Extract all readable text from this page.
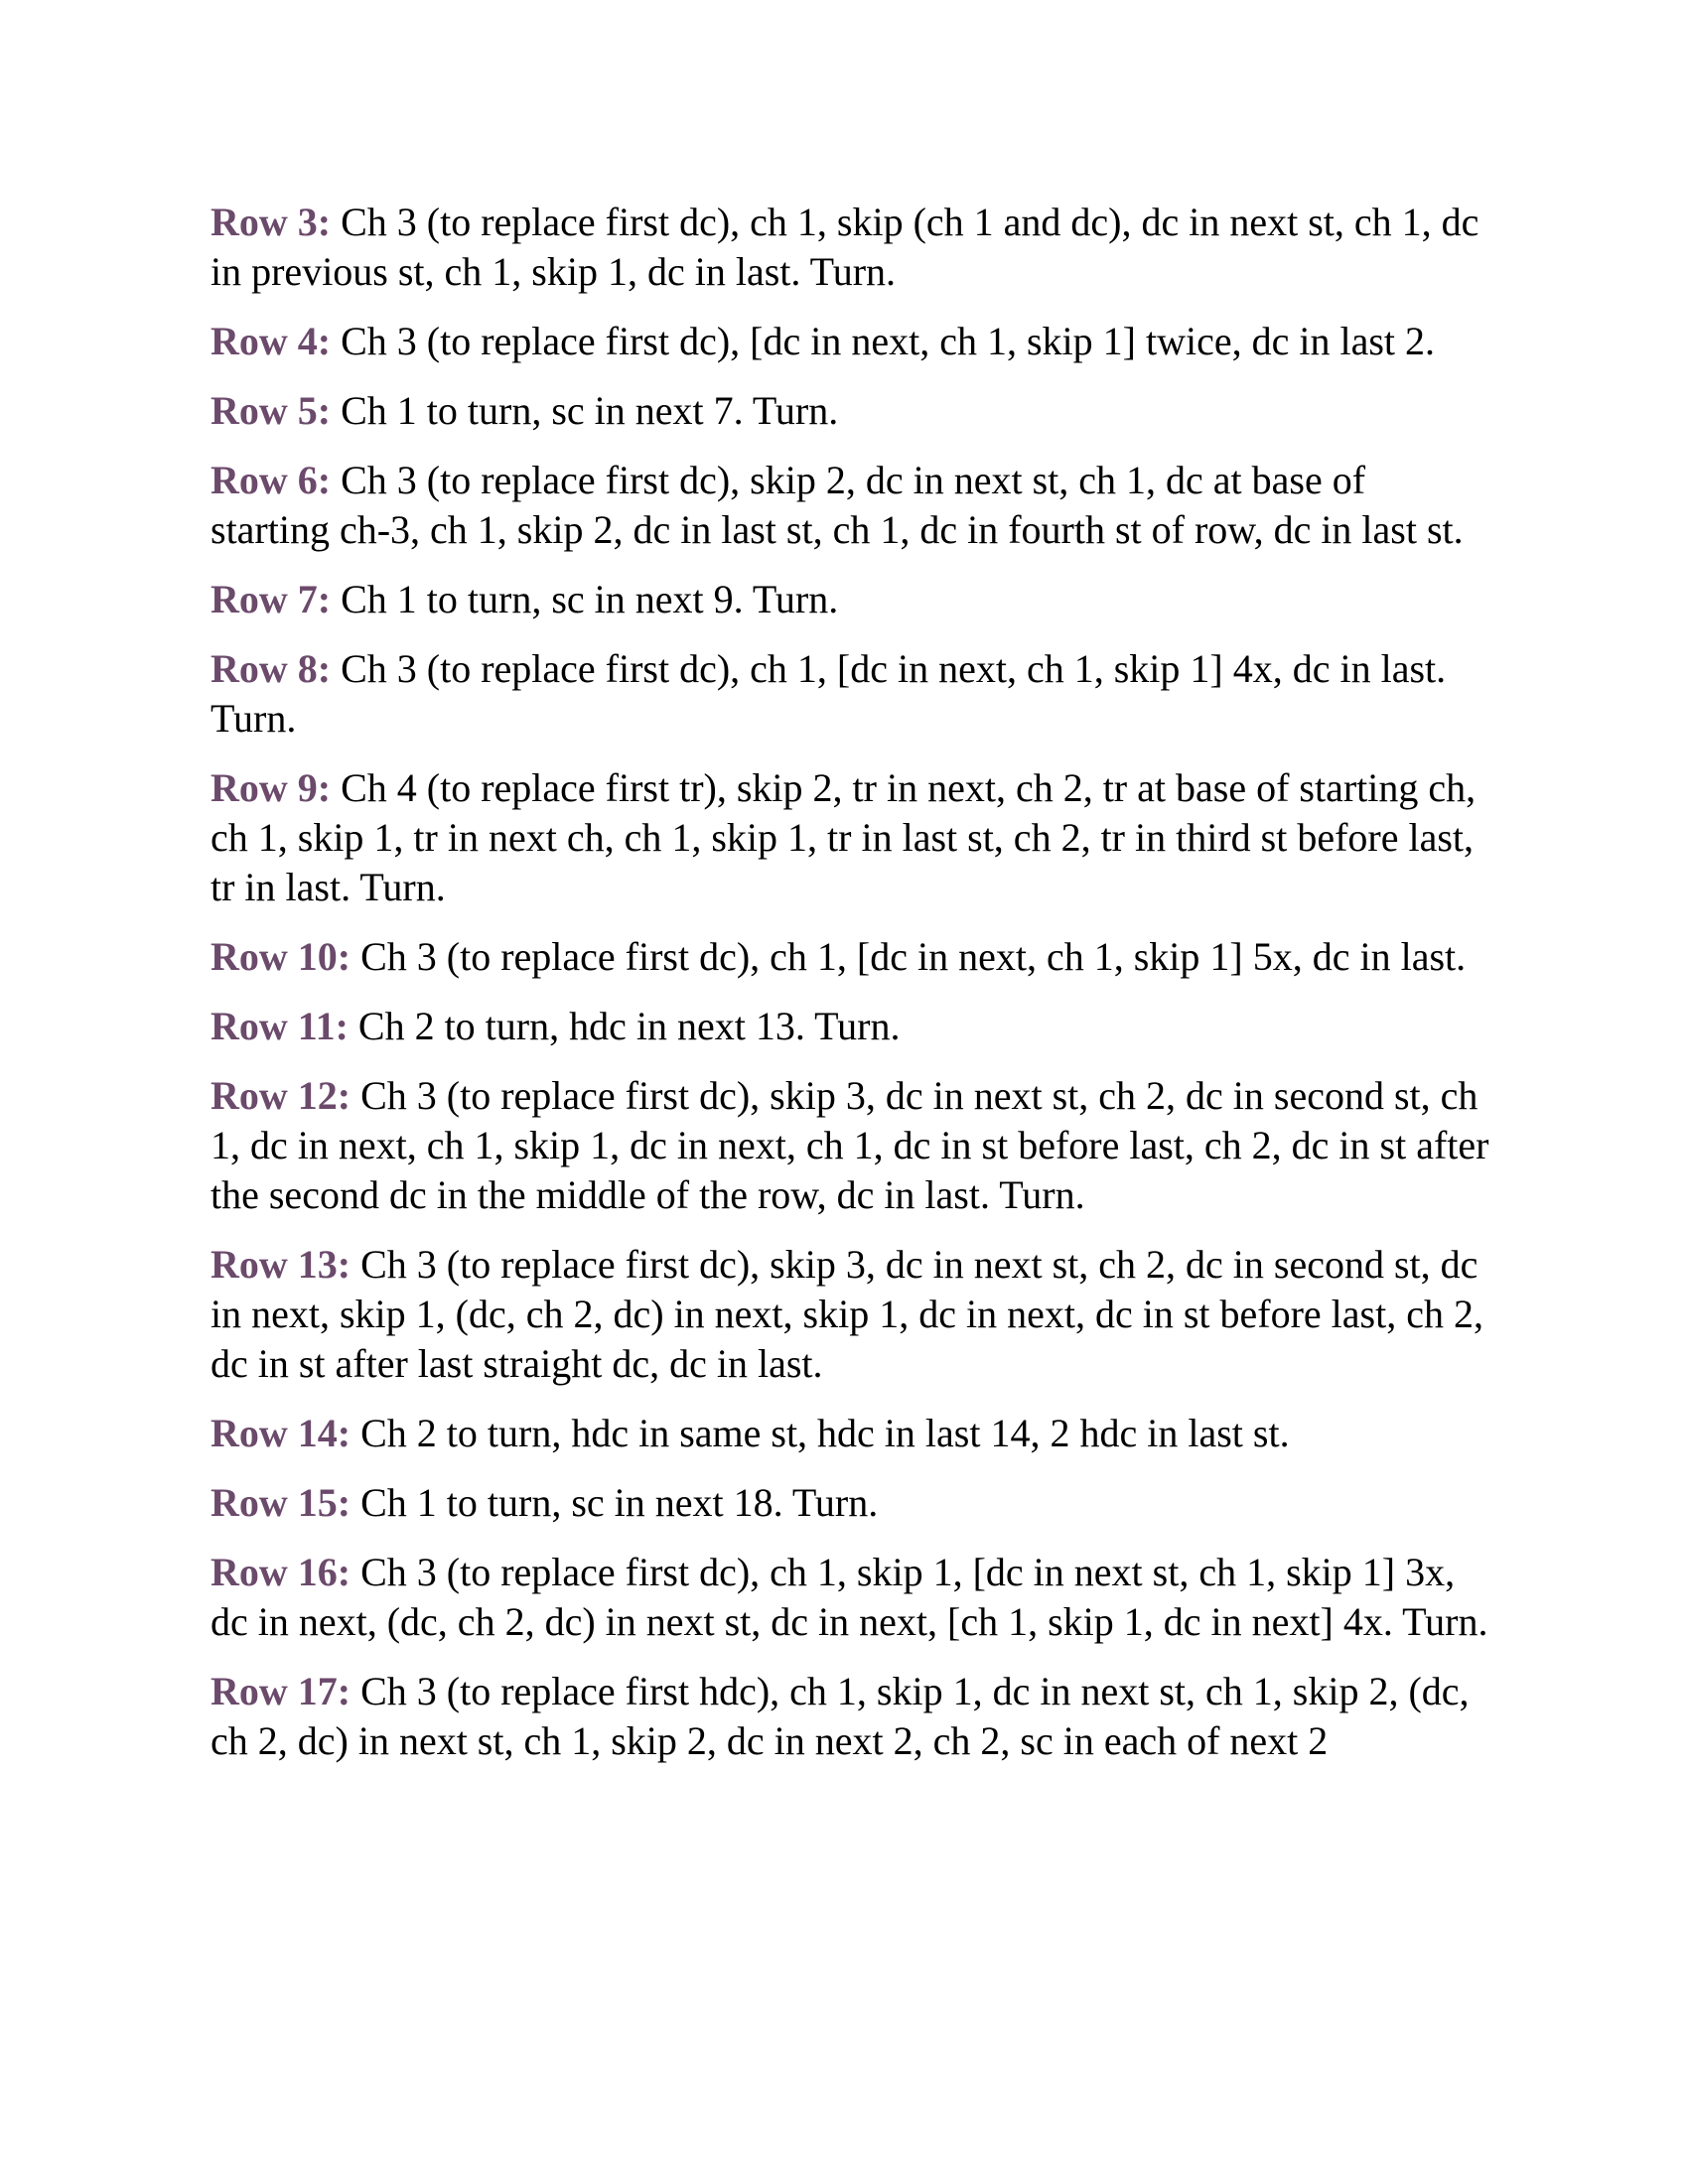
Row 3: Ch 3 (to replace first dc), ch 1, skip (ch 1 and dc), dc in next st, ch 1, dc in previous st, ch 1, skip 1, dc in last. Turn.

Row 4: Ch 3 (to replace first dc), [dc in next, ch 1, skip 1] twice, dc in last 2.

Row 5: Ch 1 to turn, sc in next 7. Turn.

Row 6: Ch 3 (to replace first dc), skip 2, dc in next st, ch 1, dc at base of starting ch-3, ch 1, skip 2, dc in last st, ch 1, dc in fourth st of row, dc in last st.

Row 7: Ch 1 to turn, sc in next 9. Turn.

Row 8: Ch 3 (to replace first dc), ch 1, [dc in next, ch 1, skip 1] 4x, dc in last. Turn.

Row 9: Ch 4 (to replace first tr), skip 2, tr in next, ch 2, tr at base of starting ch, ch 1, skip 1, tr in next ch, ch 1, skip 1, tr in last st, ch 2, tr in third st before last, tr in last. Turn.

Row 10: Ch 3 (to replace first dc), ch 1, [dc in next, ch 1, skip 1] 5x, dc in last.

Row 11: Ch 2 to turn, hdc in next 13. Turn.

Row 12: Ch 3 (to replace first dc), skip 3, dc in next st, ch 2, dc in second st, ch 1, dc in next, ch 1, skip 1, dc in next, ch 1, dc in st before last, ch 2, dc in st after the second dc in the middle of the row, dc in last. Turn.

Row 13: Ch 3 (to replace first dc), skip 3, dc in next st, ch 2, dc in second st, dc in next, skip 1, (dc, ch 2, dc) in next, skip 1, dc in next, dc in st before last, ch 2, dc in st after last straight dc, dc in last.

Row 14: Ch 2 to turn, hdc in same st, hdc in last 14, 2 hdc in last st.

Row 15: Ch 1 to turn, sc in next 18. Turn.

Row 16: Ch 3 (to replace first dc), ch 1, skip 1, [dc in next st, ch 1, skip 1] 3x, dc in next, (dc, ch 2, dc) in next st, dc in next, [ch 1, skip 1, dc in next] 4x. Turn.

Row 17: Ch 3 (to replace first hdc), ch 1, skip 1, dc in next st, ch 1, skip 2, (dc, ch 2, dc) in next st, ch 1, skip 2, dc in next 2, ch 2, sc in each of next 2
